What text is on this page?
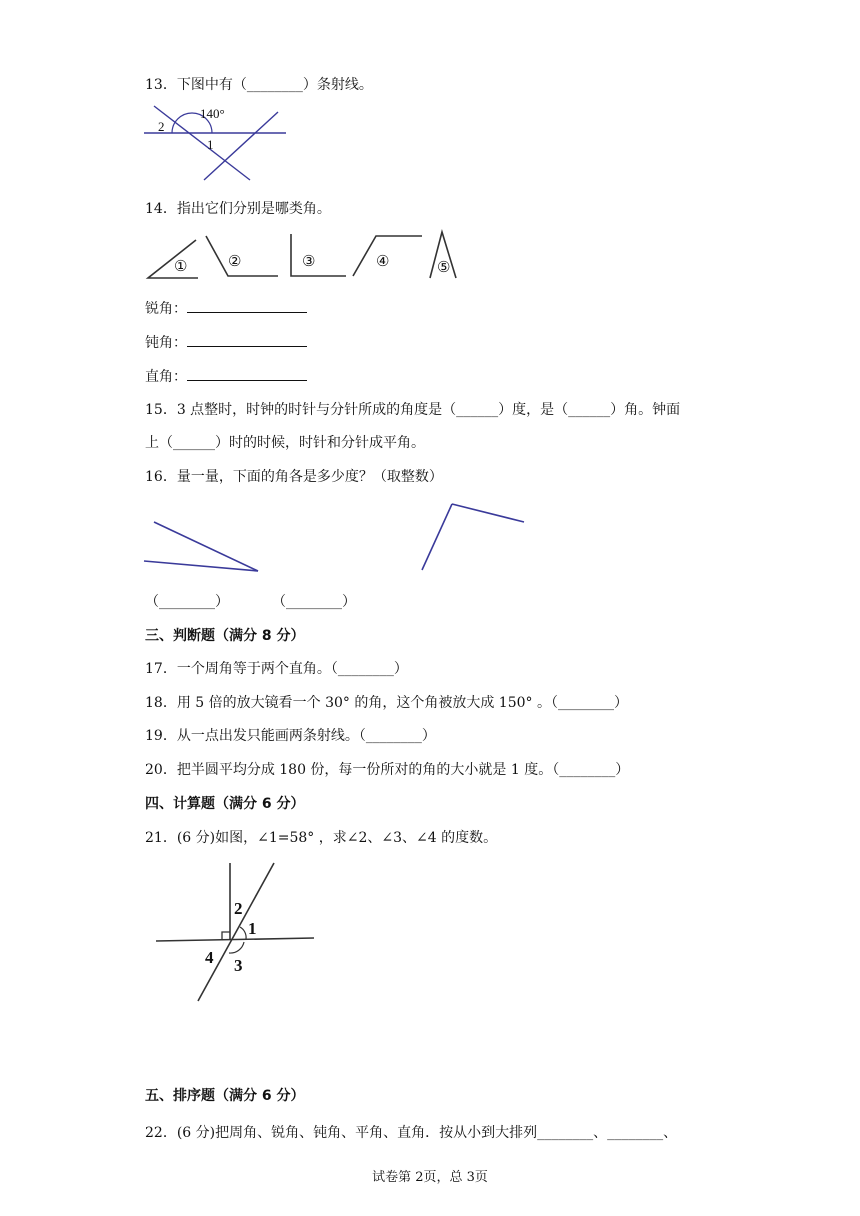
13．下图中有（________）条射线。
140°
2
1
14．指出它们分别是哪类角。
①	②	③	④	⑤
锐角：
钝角：
直角：
15．3 点整时，时钟的时针与分针所成的角度是（______）度，是（______）角。钟面
上（______）时的时候，时针和分针成平角。
16．量一量，下面的角各是多少度？（取整数）
（________）	（________）
三、判断题（满分 8 分）
17．一个周角等于两个直角。（________）
18．用 5 倍的放大镜看一个 30° 的角，这个角被放大成 150° 。（________）
19．从一点出发只能画两条射线。（________）
20．把半圆平均分成 180 份，每一份所对的角的大小就是 1 度。（________）
四、计算题（满分 6 分）
21．(6 分)如图，∠1=58° ，求∠2、∠3、∠4 的度数。
1
2
3
4
五、排序题（满分 6 分）
22．(6 分)把周角、锐角、钝角、平角、直角．按从小到大排列________、________、
试卷第 2页，总 3页
